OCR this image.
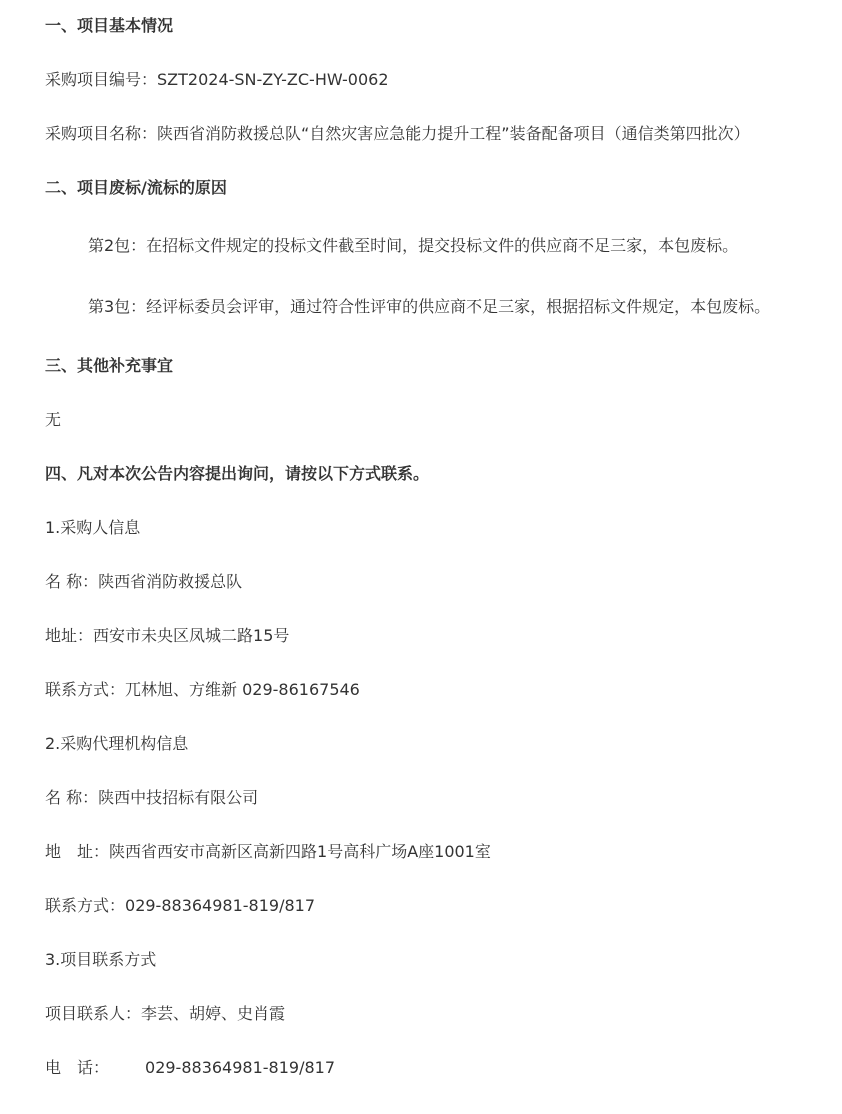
一、项目基本情况
采购项目编号：SZT2024-SN-ZY-ZC-HW-0062
采购项目名称：陕西省消防救援总队“自然灾害应急能力提升工程”装备配备项目（通信类第四批次）
二、项目废标/流标的原因
第2包：在招标文件规定的投标文件截至时间，提交投标文件的供应商不足三家，本包废标。
第3包：经评标委员会评审，通过符合性评审的供应商不足三家，根据招标文件规定，本包废标。
三、其他补充事宜
无
四、凡对本次公告内容提出询问，请按以下方式联系。
1.采购人信息
名 称：陕西省消防救援总队
地址：西安市未央区凤城二路15号
联系方式：兀林旭、方维新 029-86167546
2.采购代理机构信息
名 称：陕西中技招标有限公司
地　址：陕西省西安市高新区高新四路1号高科广场A座1001室
联系方式：029-88364981-819/817
3.项目联系方式
项目联系人：李芸、胡婷、史肖霞
电　话： 029-88364981-819/817
